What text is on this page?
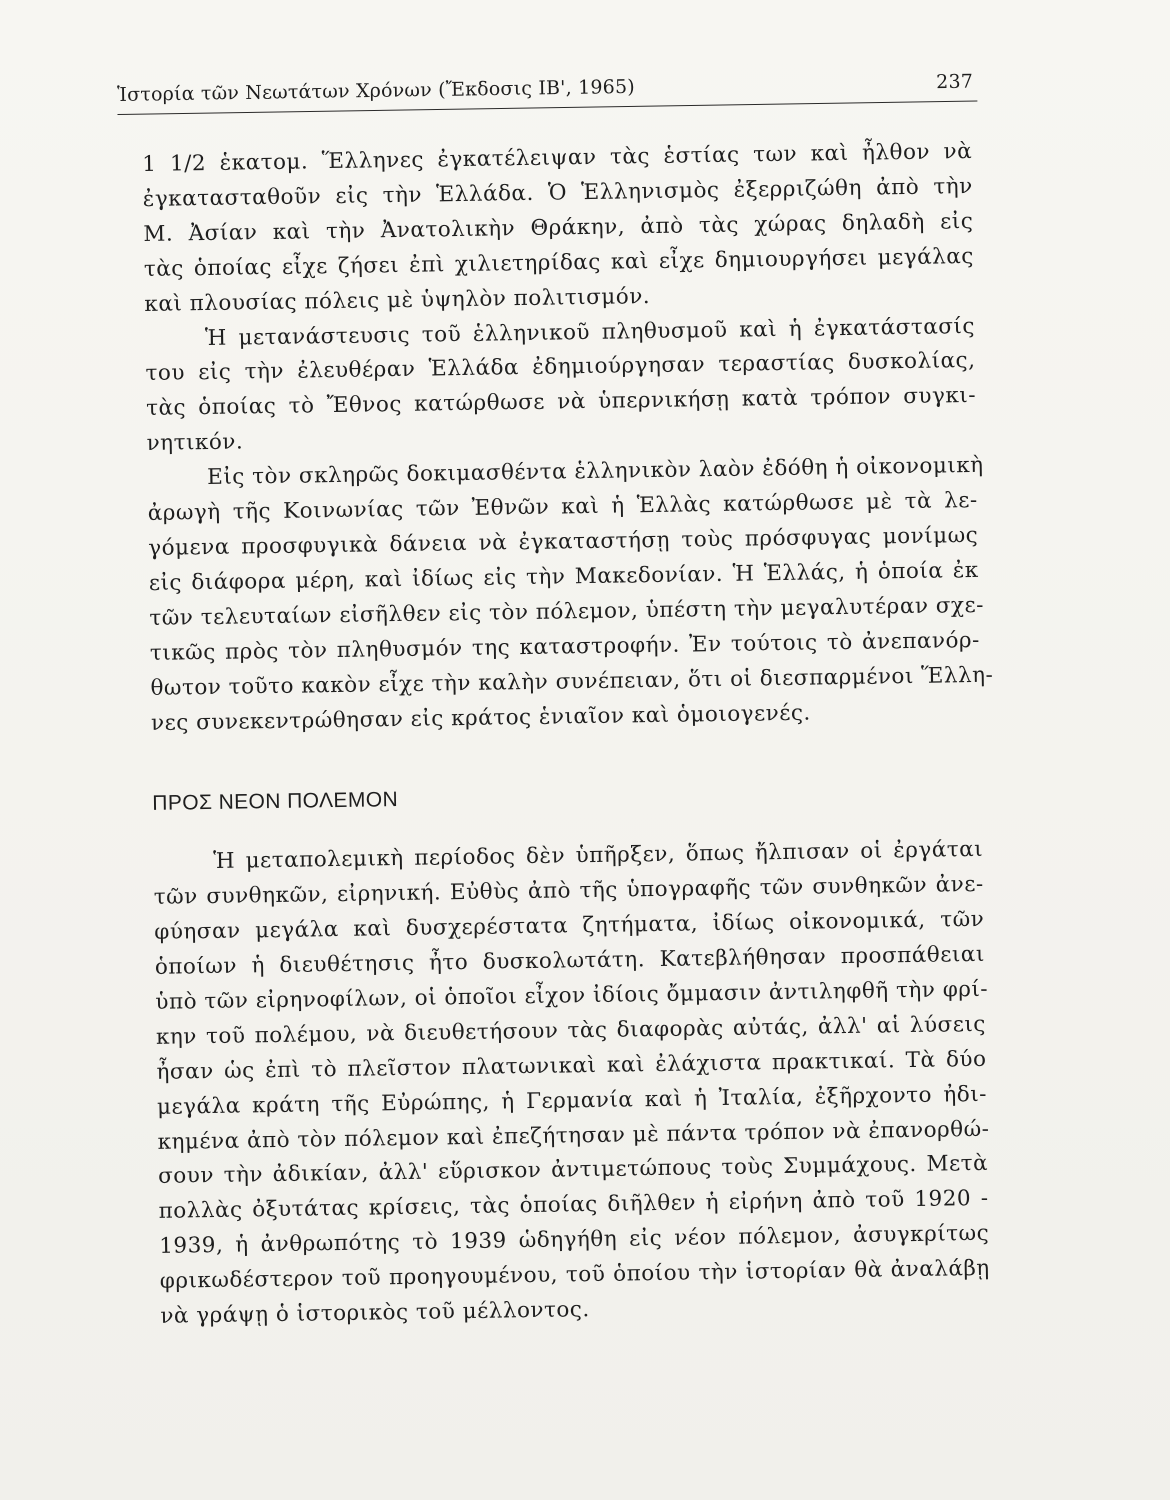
Ἱστορία τῶν Νεωτάτων Χρόνων (Ἔκδοσις ΙΒ', 1965)	237
1 1/2 ἑκατομ. Ἕλληνες ἐγκατέλειψαν τὰς ἑστίας των καὶ ἦλθον νὰ
ἐγκατασταθοῦν εἰς τὴν Ἑλλάδα. Ὁ Ἑλληνισμὸς ἐξερριζώθη ἀπὸ τὴν
Μ. Ἀσίαν καὶ τὴν Ἀνατολικὴν Θράκην, ἀπὸ τὰς χώρας δηλαδὴ εἰς
τὰς ὁποίας εἶχε ζήσει ἐπὶ χιλιετηρίδας καὶ εἶχε δημιουργήσει μεγάλας
καὶ πλουσίας πόλεις μὲ ὑψηλὸν πολιτισμόν.
Ἡ μετανάστευσις τοῦ ἑλληνικοῦ πληθυσμοῦ καὶ ἡ ἐγκατάστασίς
του εἰς τὴν ἐλευθέραν Ἑλλάδα ἐδημιούργησαν τεραστίας δυσκολίας,
τὰς ὁποίας τὸ Ἔθνος κατώρθωσε νὰ ὑπερνικήσῃ κατὰ τρόπον συγκι-
νητικόν.
Εἰς τὸν σκληρῶς δοκιμασθέντα ἑλληνικὸν λαὸν ἐδόθη ἡ οἰκονομικὴ
ἀρωγὴ τῆς Κοινωνίας τῶν Ἐθνῶν καὶ ἡ Ἑλλὰς κατώρθωσε μὲ τὰ λε-
γόμενα προσφυγικὰ δάνεια νὰ ἐγκαταστήσῃ τοὺς πρόσφυγας μονίμως
εἰς διάφορα μέρη, καὶ ἰδίως εἰς τὴν Μακεδονίαν. Ἡ Ἑλλάς, ἡ ὁποία ἐκ
τῶν τελευταίων εἰσῆλθεν εἰς τὸν πόλεμον, ὑπέστη τὴν μεγαλυτέραν σχε-
τικῶς πρὸς τὸν πληθυσμόν της καταστροφήν. Ἐν τούτοις τὸ ἀνεπανόρ-
θωτον τοῦτο κακὸν εἶχε τὴν καλὴν συνέπειαν, ὅτι οἱ διεσπαρμένοι Ἕλλη-
νες συνεκεντρώθησαν εἰς κράτος ἑνιαῖον καὶ ὁμοιογενές.
ΠΡΟΣ ΝΕΟΝ ΠΟΛΕΜΟΝ
Ἡ μεταπολεμικὴ περίοδος δὲν ὑπῆρξεν, ὅπως ἤλπισαν οἱ ἐργάται
τῶν συνθηκῶν, εἰρηνική. Εὐθὺς ἀπὸ τῆς ὑπογραφῆς τῶν συνθηκῶν ἀνε-
φύησαν μεγάλα καὶ δυσχερέστατα ζητήματα, ἰδίως οἰκονομικά, τῶν
ὁποίων ἡ διευθέτησις ἦτο δυσκολωτάτη. Κατεβλήθησαν προσπάθειαι
ὑπὸ τῶν εἰρηνοφίλων, οἱ ὁποῖοι εἶχον ἰδίοις ὄμμασιν ἀντιληφθῆ τὴν φρί-
κην τοῦ πολέμου, νὰ διευθετήσουν τὰς διαφορὰς αὐτάς, ἀλλ' αἱ λύσεις
ἦσαν ὡς ἐπὶ τὸ πλεῖστον πλατωνικαὶ καὶ ἐλάχιστα πρακτικαί. Τὰ δύο
μεγάλα κράτη τῆς Εὐρώπης, ἡ Γερμανία καὶ ἡ Ἰταλία, ἐξῆρχοντο ἠδι-
κημένα ἀπὸ τὸν πόλεμον καὶ ἐπεζήτησαν μὲ πάντα τρόπον νὰ ἐπανορθώ-
σουν τὴν ἀδικίαν, ἀλλ' εὕρισκον ἀντιμετώπους τοὺς Συμμάχους. Μετὰ
πολλὰς ὀξυτάτας κρίσεις, τὰς ὁποίας διῆλθεν ἡ εἰρήνη ἀπὸ τοῦ 1920 -
1939, ἡ ἀνθρωπότης τὸ 1939 ὡδηγήθη εἰς νέον πόλεμον, ἀσυγκρίτως
φρικωδέστερον τοῦ προηγουμένου, τοῦ ὁποίου τὴν ἱστορίαν θὰ ἀναλάβῃ
νὰ γράψῃ ὁ ἱστορικὸς τοῦ μέλλοντος.
